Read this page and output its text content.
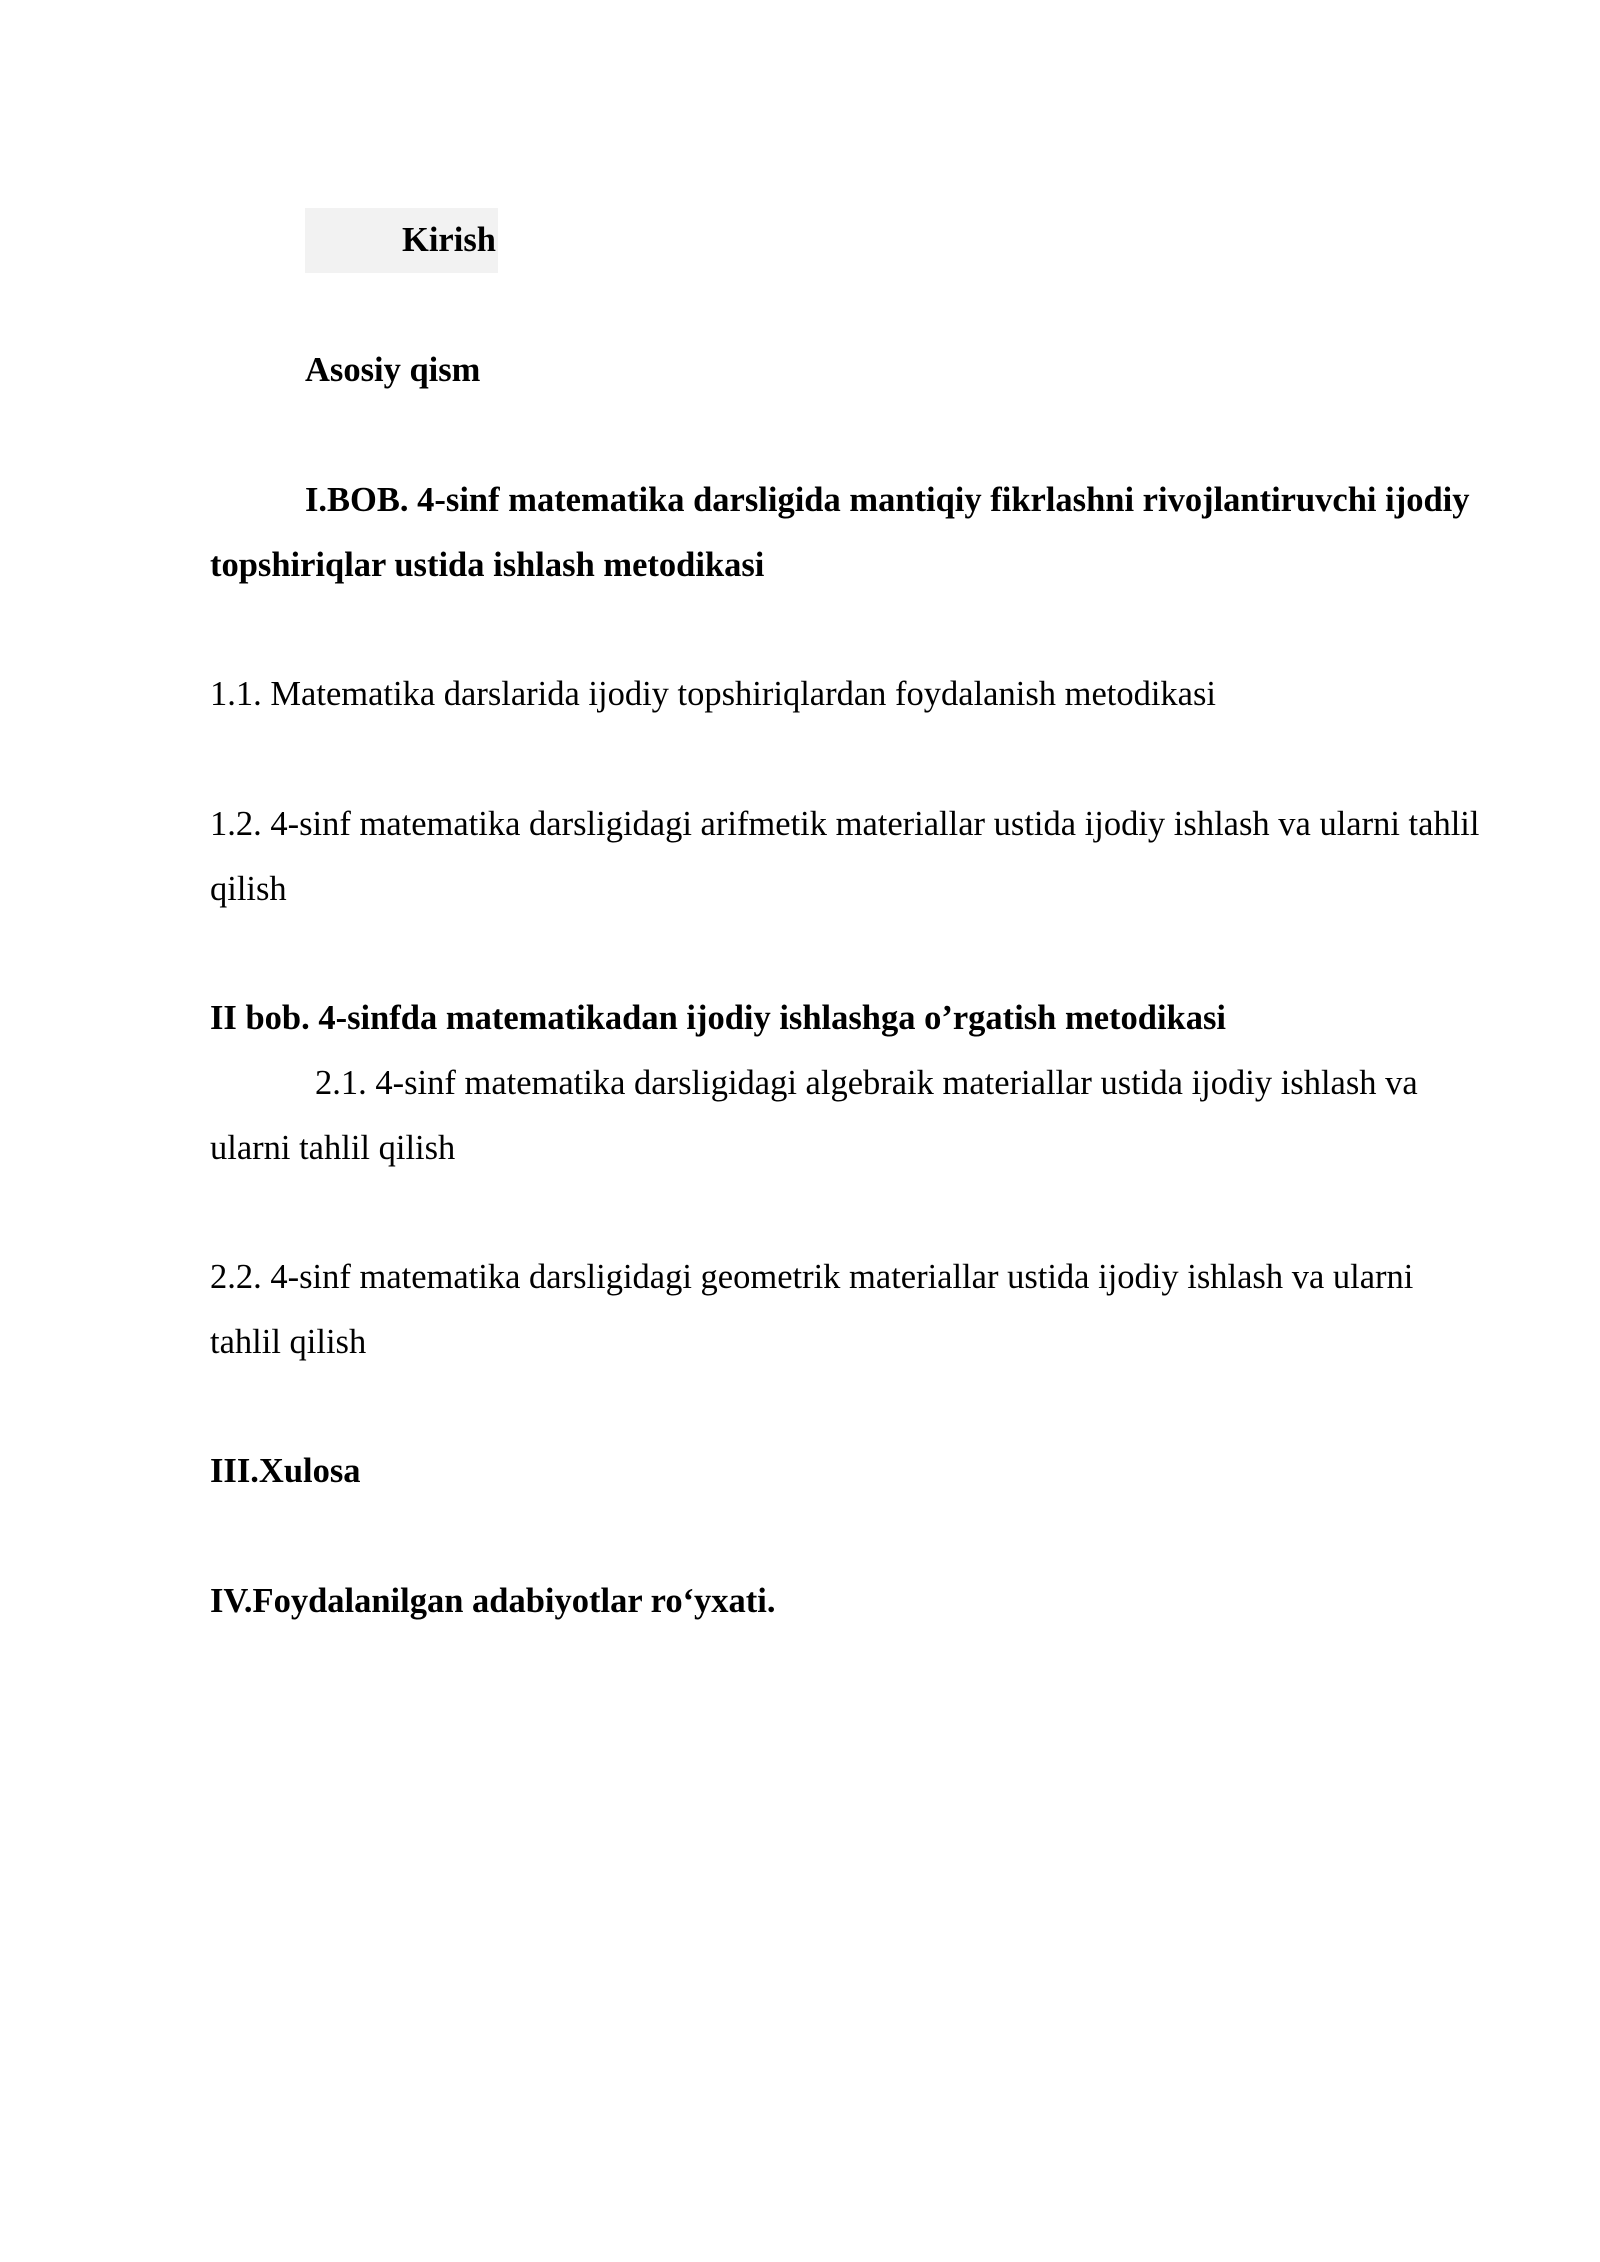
Kirish

Asosiy qism

I.BOB. 4-sinf matematika darsligida mantiqiy fikrlashni rivojlantiruvchi ijodiy topshiriqlar ustida ishlash metodikasi

1.1. Matematika darslarida ijodiy topshiriqlardan foydalanish metodikasi

1.2. 4-sinf matematika darsligidagi arifmetik materiallar ustida ijodiy ishlash va ularni tahlil qilish

II bob. 4-sinfda matematikadan ijodiy ishlashga o’rgatish metodikasi

2.1. 4-sinf matematika darsligidagi algebraik materiallar ustida ijodiy ishlash va ularni tahlil qilish

2.2. 4-sinf matematika darsligidagi geometrik materiallar ustida ijodiy ishlash va ularni tahlil qilish

III.Xulosa

IV.Foydalanilgan adabiyotlar ro‘yxati.
